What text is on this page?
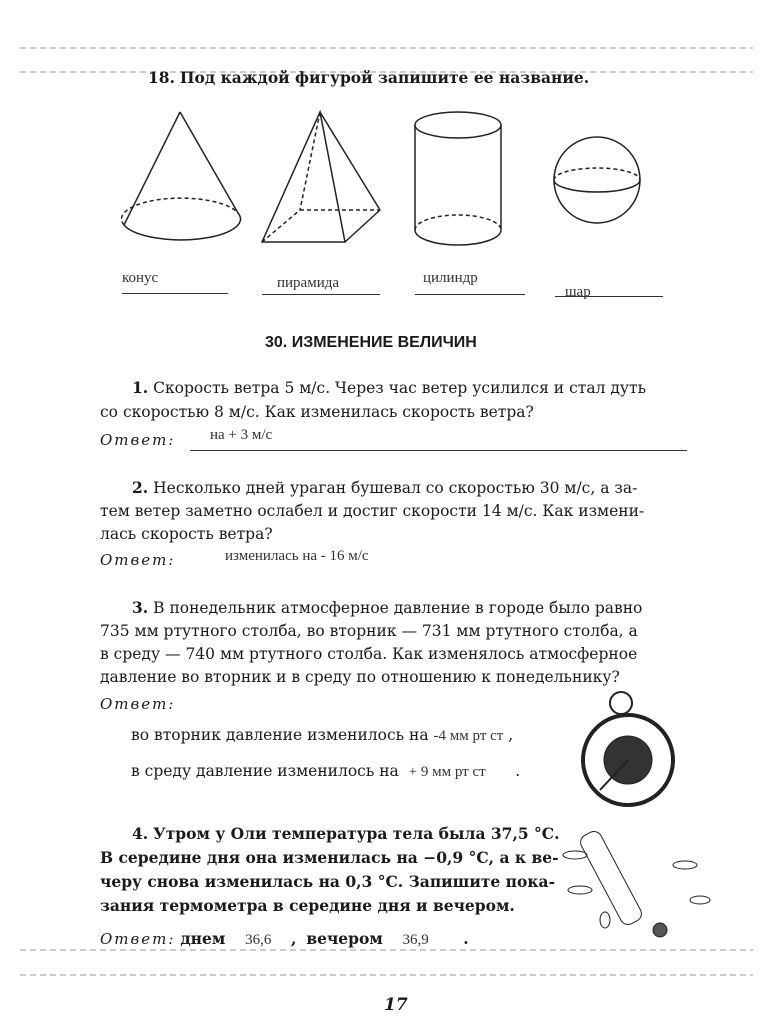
18. Под каждой фигурой запишите ее название.
конус	пирамида	цилиндр
шар
30. ИЗМЕНЕНИЕ ВЕЛИЧИН
1. Скорость ветра 5 м/с. Через час ветер усилился и стал дуть
со скоростью 8 м/с. Как изменилась скорость ветра?
Ответ: на + 3 м/с
2. Несколько дней ураган бушевал со скоростью 30 м/с, а за-
тем ветер заметно ослабел и достиг скорости 14 м/с. Как измени-
лась скорость ветра?
Ответ:	изменилась на - 16 м/с
3. В понедельник атмосферное давление в городе было равно
735 мм ртутного столба, во вторник — 731 мм ртутного столба, а
в среду — 740 мм ртутного столба. Как изменялось атмосферное
давление во вторник и в среду по отношению к понедельнику?
Ответ:
во вторник давление изменилось на -4 мм рт ст ,
в среду давление изменилось на + 9 мм рт ст .
4. Утром у Оли температура тела была 37,5 °С.
В середине дня она изменилась на −0,9 °С, а к ве-
черу снова изменилась на 0,3 °С. Запишите пока-
зания термометра в середине дня и вечером.
Ответ: днем 36,6 , вечером 36,9 .
17
